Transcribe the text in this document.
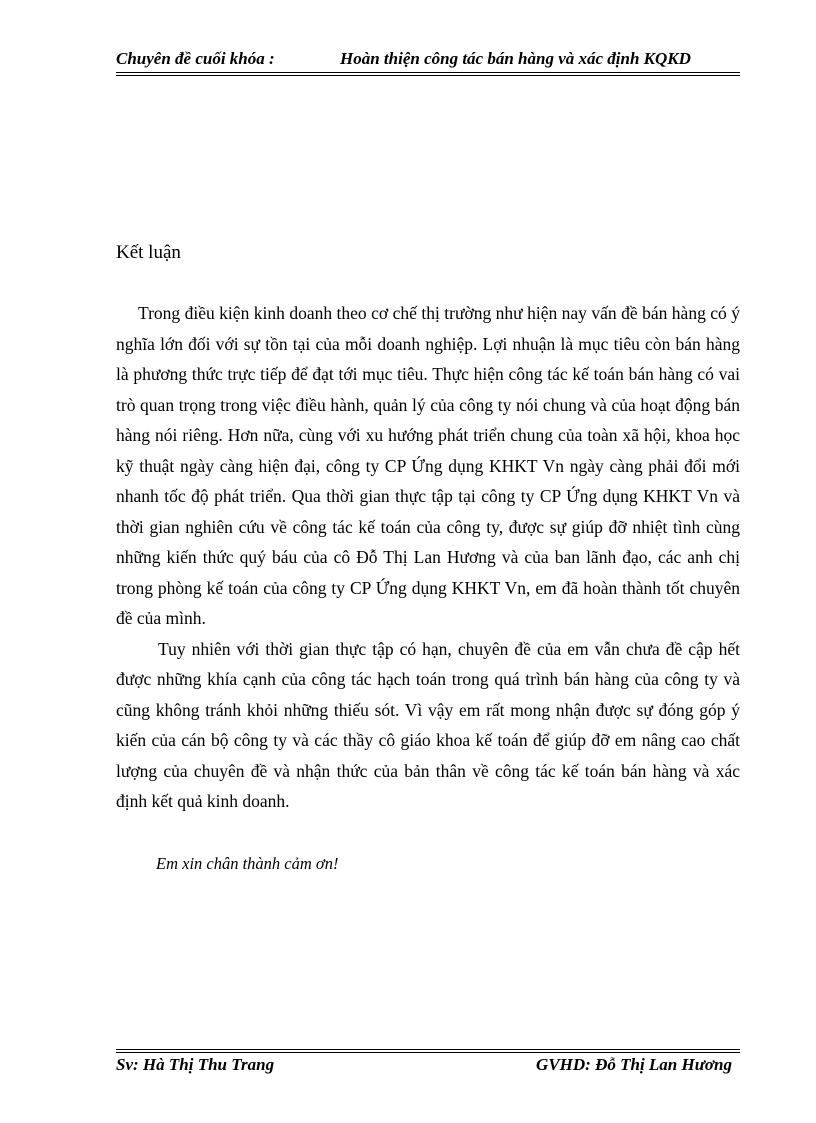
Chuyên đề cuối khóa :	Hoàn thiện công tác bán hàng và xác định KQKD
Kết luận

Trong điều kiện kinh doanh theo cơ chế thị trường như hiện nay vấn đề bán hàng có ý nghĩa lớn đối với sự tồn tại của mỗi doanh nghiệp. Lợi nhuận là mục tiêu còn bán hàng là phương thức trực tiếp để đạt tới mục tiêu. Thực hiện công tác kế toán bán hàng có vai trò quan trọng trong việc điều hành, quản lý của công ty nói chung và của hoạt động bán hàng nói riêng. Hơn nữa, cùng với xu hướng phát triển chung của toàn xã hội, khoa học kỹ thuật ngày càng hiện đại, công ty CP Ứng dụng KHKT Vn ngày càng phải đổi mới nhanh tốc độ phát triển. Qua thời gian thực tập tại công ty CP Ứng dụng KHKT Vn và thời gian nghiên cứu về công tác kế toán của công ty, được sự giúp đỡ nhiệt tình cùng những kiến thức quý báu của cô Đỗ Thị Lan Hương và của ban lãnh đạo, các anh chị trong phòng kế toán của công ty CP Ứng dụng KHKT Vn, em đã hoàn thành tốt chuyên đề của mình.

Tuy nhiên với thời gian thực tập có hạn, chuyên đề của em vẫn chưa đề cập hết được những khía cạnh của công tác hạch toán trong quá trình bán hàng của công ty và cũng không tránh khỏi những thiếu sót. Vì vậy em rất mong nhận được sự đóng góp ý kiến của cán bộ công ty và các thầy cô giáo khoa kế toán để giúp đỡ em nâng cao chất lượng của chuyên đề và nhận thức của bản thân về công tác kế toán bán hàng và xác định kết quả kinh doanh.

Em xin chân thành cảm ơn!
Sv: Hà Thị Thu Trang	GVHD: Đỗ Thị Lan Hương
